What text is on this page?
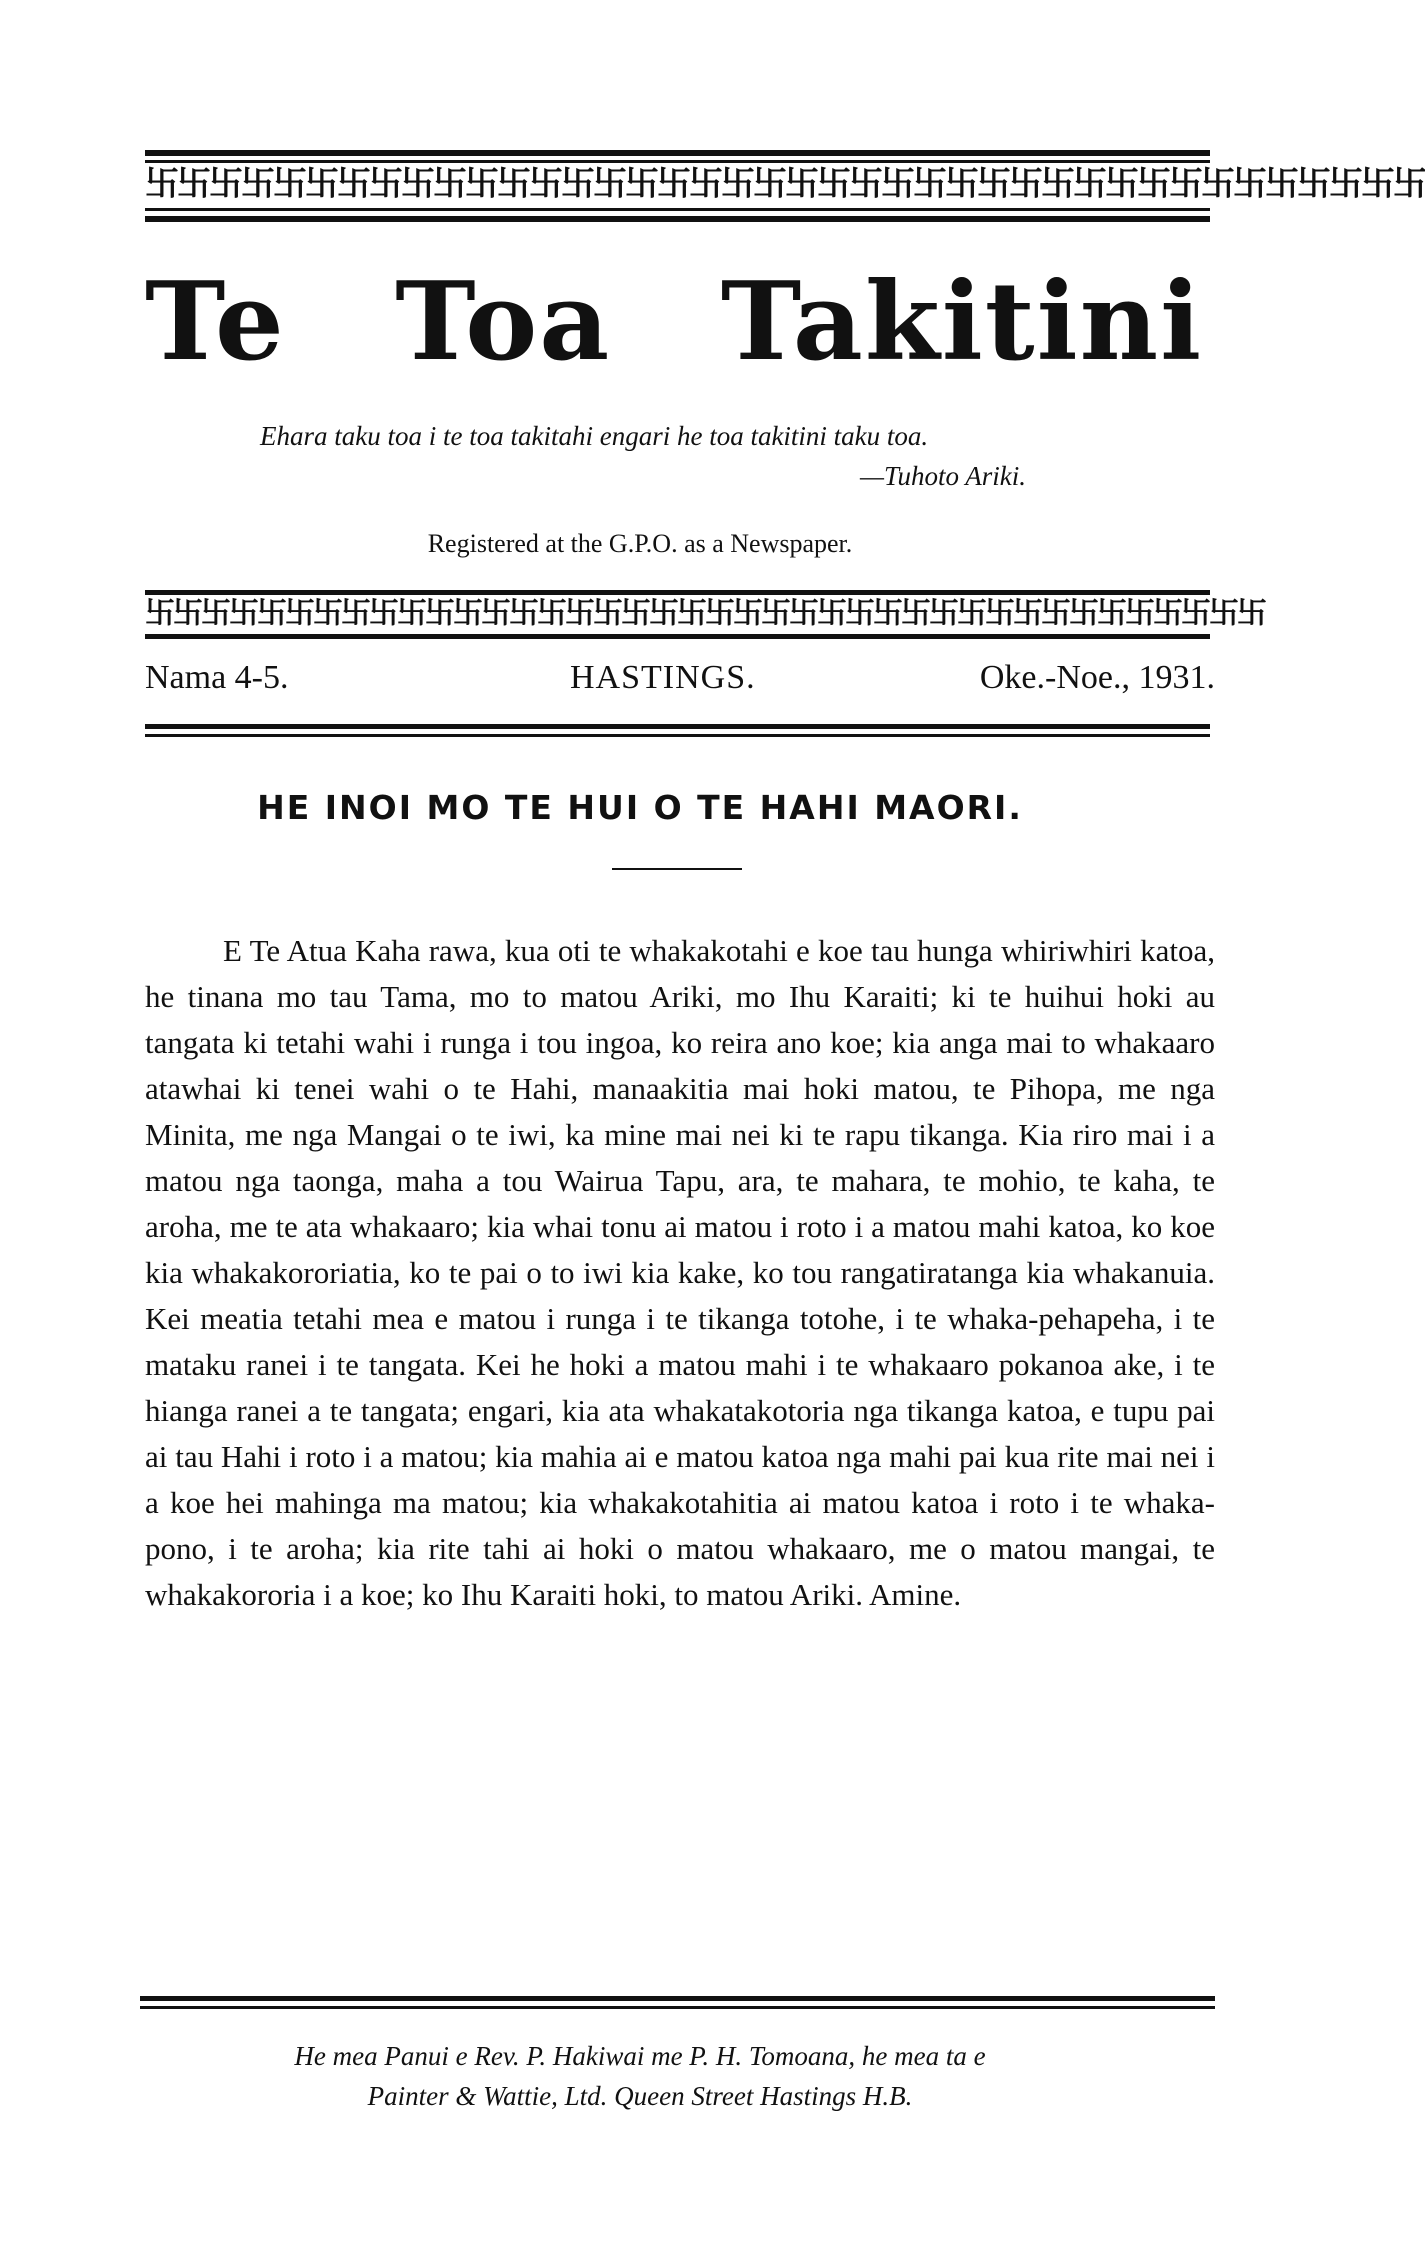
卐卐卐卐卐卐卐卐卐卐卐卐卐卐卐卐卐卐卐卐卐卐卐卐卐卐卐卐卐卐卐卐卐卐卐卐卐卐卐卐
Te Toa Takitini

Ehara taku toa i te toa takitahi engari he toa takitini taku toa.

—Tuhoto Ariki.

Registered at the G.P.O. as a Newspaper.

卐卐卐卐卐卐卐卐卐卐卐卐卐卐卐卐卐卐卐卐卐卐卐卐卐卐卐卐卐卐卐卐卐卐卐卐卐卐卐卐
Nama 4-5.	HASTINGS.	Oke.-Noe., 1931.
HE INOI MO TE HUI O TE HAHI MAORI.

E Te Atua Kaha rawa, kua oti te whakakotahi e koe tau hunga whiriwhiri katoa, he tinana mo tau Tama, mo to matou Ariki, mo Ihu Karaiti; ki te huihui hoki au tangata ki tetahi wahi i runga i tou ingoa, ko reira ano koe; kia anga mai to whakaaro atawhai ki tenei wahi o te Hahi, manaakitia mai hoki matou, te Pihopa, me nga Minita, me nga Mangai o te iwi, ka mine mai nei ki te rapu tikanga. Kia riro mai i a matou nga taonga, maha a tou Wairua Tapu, ara, te mahara, te mohio, te kaha, te aroha, me te ata whakaaro; kia whai tonu ai matou i roto i a matou mahi katoa, ko koe kia whakakororiatia, ko te pai o to iwi kia kake, ko tou rangatiratanga kia whakanuia. Kei meatia tetahi mea e matou i runga i te tikanga totohe, i te whaka-pehapeha, i te mataku ranei i te tangata. Kei he hoki a matou mahi i te whakaaro pokanoa ake, i te hianga ranei a te tangata; engari, kia ata whakatakotoria nga tikanga katoa, e tupu pai ai tau Hahi i roto i a matou; kia mahia ai e matou katoa nga mahi pai kua rite mai nei i a koe hei mahinga ma matou; kia whakakotahitia ai matou katoa i roto i te whaka-pono, i te aroha; kia rite tahi ai hoki o matou whakaaro, me o matou mangai, te whakakororia i a koe; ko Ihu Karaiti hoki, to matou Ariki. Amine.

He mea Panui e Rev. P. Hakiwai me P. H. Tomoana, he mea ta e
Painter & Wattie, Ltd. Queen Street Hastings H.B.
